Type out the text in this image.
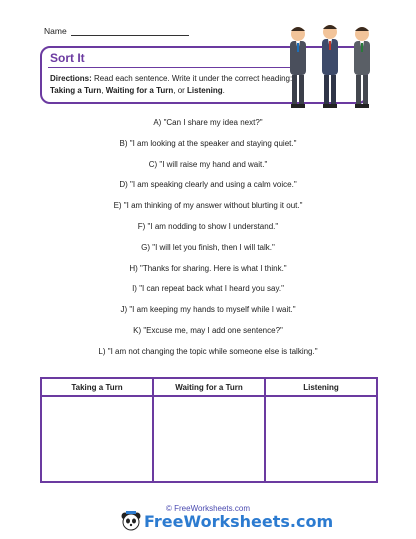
Name
Sort It
Directions: Read each sentence. Write it under the correct heading: Taking a Turn, Waiting for a Turn, or Listening.
A) "Can I share my idea next?"
B) "I am looking at the speaker and staying quiet."
C) "I will raise my hand and wait."
D) "I am speaking clearly and using a calm voice."
E) "I am thinking of my answer without blurting it out."
F) "I am nodding to show I understand."
G) "I will let you finish, then I will talk."
H) "Thanks for sharing. Here is what I think."
I) "I can repeat back what I heard you say."
J) "I am keeping my hands to myself while I wait."
K) "Excuse me, may I add one sentence?"
L) "I am not changing the topic while someone else is talking."
Taking a Turn	Waiting for a Turn	Listening
© FreeWorksheets.com
FreeWorksheets.com
